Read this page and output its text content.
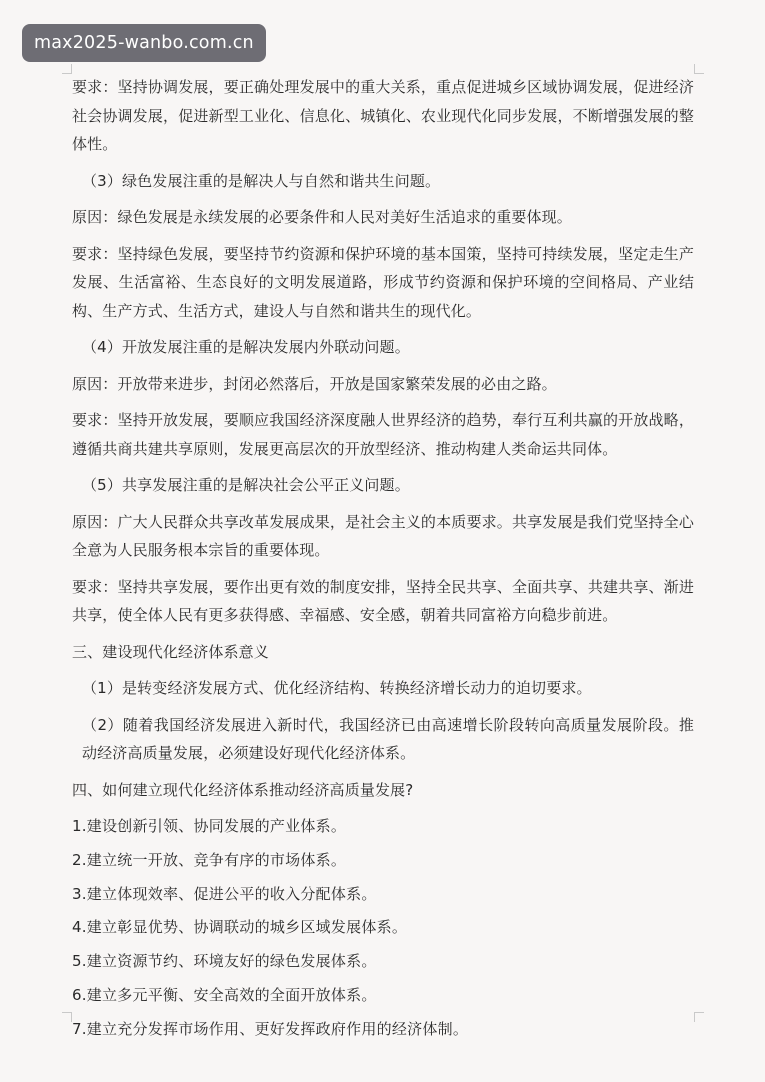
要求：坚持协调发展，要正确处理发展中的重大关系，重点促进城乡区域协调发展，促进经济社会协调发展，促进新型工业化、信息化、城镇化、农业现代化同步发展，不断增强发展的整体性。

（3）绿色发展注重的是解决人与自然和谐共生问题。

原因：绿色发展是永续发展的必要条件和人民对美好生活追求的重要体现。

要求：坚持绿色发展，要坚持节约资源和保护环境的基本国策，坚持可持续发展，坚定走生产发展、生活富裕、生态良好的文明发展道路，形成节约资源和保护环境的空间格局、产业结构、生产方式、生活方式，建设人与自然和谐共生的现代化。

（4）开放发展注重的是解决发展内外联动问题。

原因：开放带来进步，封闭必然落后，开放是国家繁荣发展的必由之路。

要求：坚持开放发展，要顺应我国经济深度融人世界经济的趋势，奉行互利共赢的开放战略，遵循共商共建共享原则，发展更高层次的开放型经济、推动构建人类命运共同体。

（5）共享发展注重的是解决社会公平正义问题。

原因：广大人民群众共享改革发展成果，是社会主义的本质要求。共享发展是我们党坚持全心全意为人民服务根本宗旨的重要体现。

要求：坚持共享发展，要作出更有效的制度安排，坚持全民共享、全面共享、共建共享、渐进共享，使全体人民有更多获得感、幸福感、安全感，朝着共同富裕方向稳步前进。

三、建设现代化经济体系意义

（1）是转变经济发展方式、优化经济结构、转换经济增长动力的迫切要求。

（2）随着我国经济发展进入新时代，我国经济已由高速增长阶段转向高质量发展阶段。推动经济高质量发展，必须建设好现代化经济体系。

四、如何建立现代化经济体系推动经济高质量发展?

1.建设创新引领、协同发展的产业体系。

2.建立统一开放、竞争有序的市场体系。

3.建立体现效率、促进公平的收入分配体系。

4.建立彰显优势、协调联动的城乡区域发展体系。

5.建立资源节约、环境友好的绿色发展体系。

6.建立多元平衡、安全高效的全面开放体系。

7.建立充分发挥市场作用、更好发挥政府作用的经济体制。

max2025-wanbo.com.cn
